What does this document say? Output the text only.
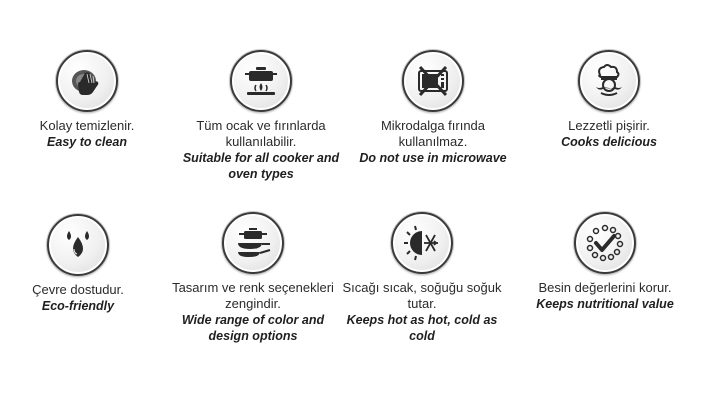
Kolay temizlenir.
Easy to clean
Tüm ocak ve fırınlarda kullanılabilir.
Suitable for all cooker and oven types
Mikrodalga fırında kullanılmaz.
Do not use in microwave
Lezzetli pişirir.
Cooks delicious
Çevre dostudur.
Eco-friendly
Tasarım ve renk seçenekleri zengindir.
Wide range of color and design options
Sıcağı sıcak, soğuğu soğuk tutar.
Keeps hot as hot, cold as cold
Besin değerlerini korur.
Keeps nutritional value
